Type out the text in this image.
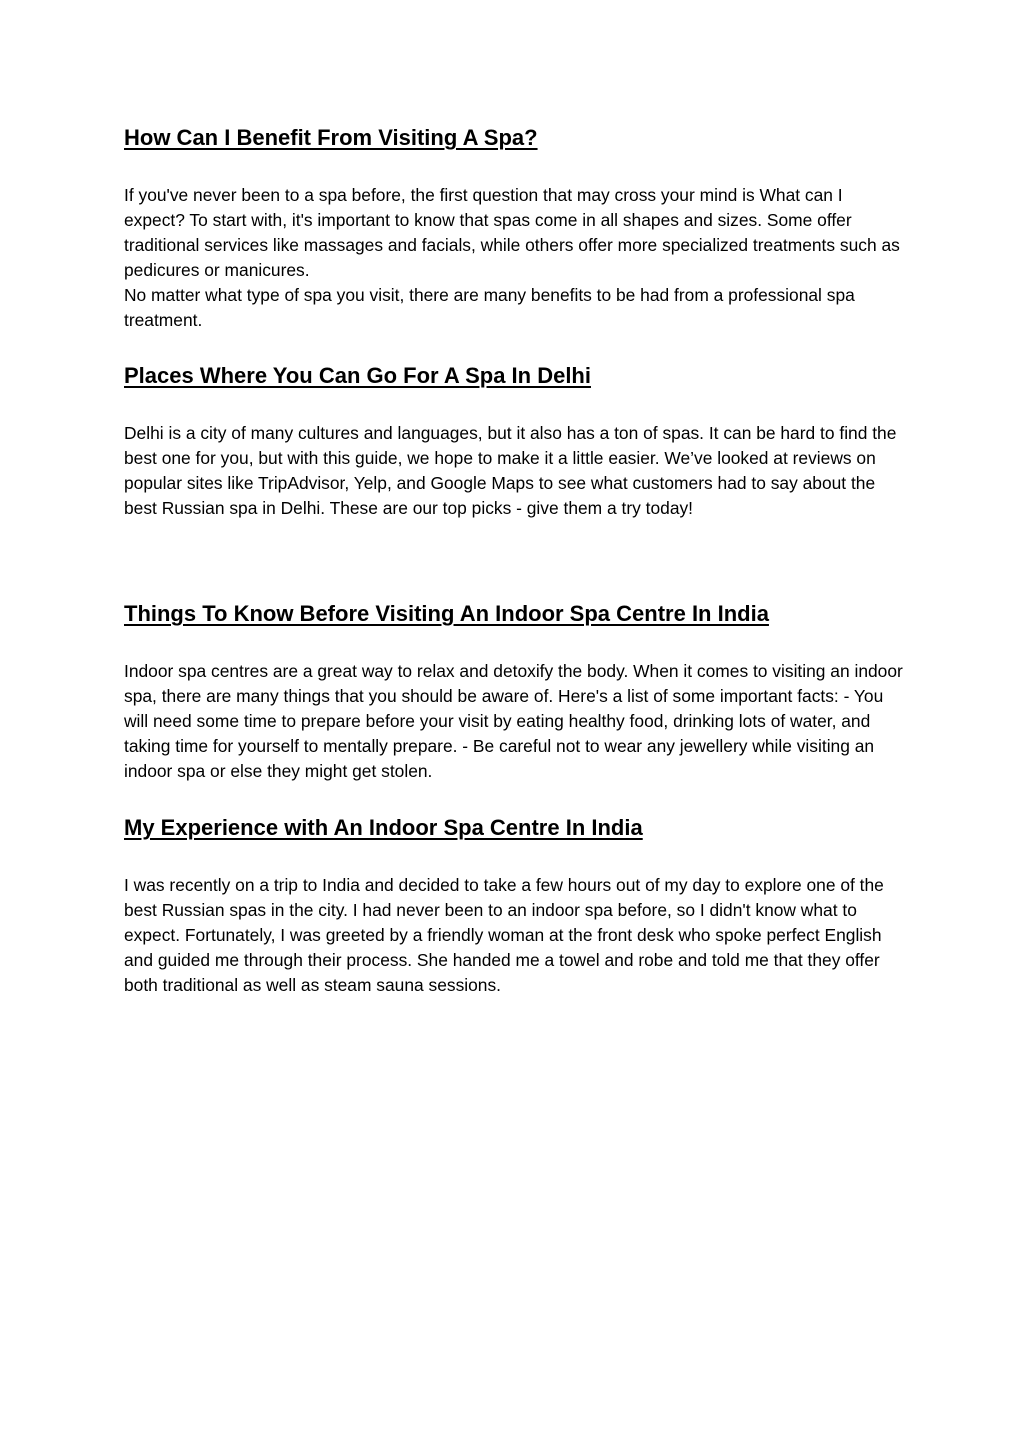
How Can I Benefit From Visiting A Spa?

If you've never been to a spa before, the first question that may cross your mind is What can I expect? To start with, it's important to know that spas come in all shapes and sizes. Some offer traditional services like massages and facials, while others offer more specialized treatments such as pedicures or manicures.

No matter what type of spa you visit, there are many benefits to be had from a professional spa treatment.

Places Where You Can Go For A Spa In Delhi

Delhi is a city of many cultures and languages, but it also has a ton of spas. It can be hard to find the best one for you, but with this guide, we hope to make it a little easier. We’ve looked at reviews on popular sites like TripAdvisor, Yelp, and Google Maps to see what customers had to say about the best Russian spa in Delhi. These are our top picks - give them a try today!

Things To Know Before Visiting An Indoor Spa Centre In India

Indoor spa centres are a great way to relax and detoxify the body. When it comes to visiting an indoor spa, there are many things that you should be aware of. Here's a list of some important facts: - You will need some time to prepare before your visit by eating healthy food, drinking lots of water, and taking time for yourself to mentally prepare. - Be careful not to wear any jewellery while visiting an indoor spa or else they might get stolen.

My Experience with An Indoor Spa Centre In India

I was recently on a trip to India and decided to take a few hours out of my day to explore one of the best Russian spas in the city. I had never been to an indoor spa before, so I didn't know what to expect. Fortunately, I was greeted by a friendly woman at the front desk who spoke perfect English and guided me through their process. She handed me a towel and robe and told me that they offer both traditional as well as steam sauna sessions.
